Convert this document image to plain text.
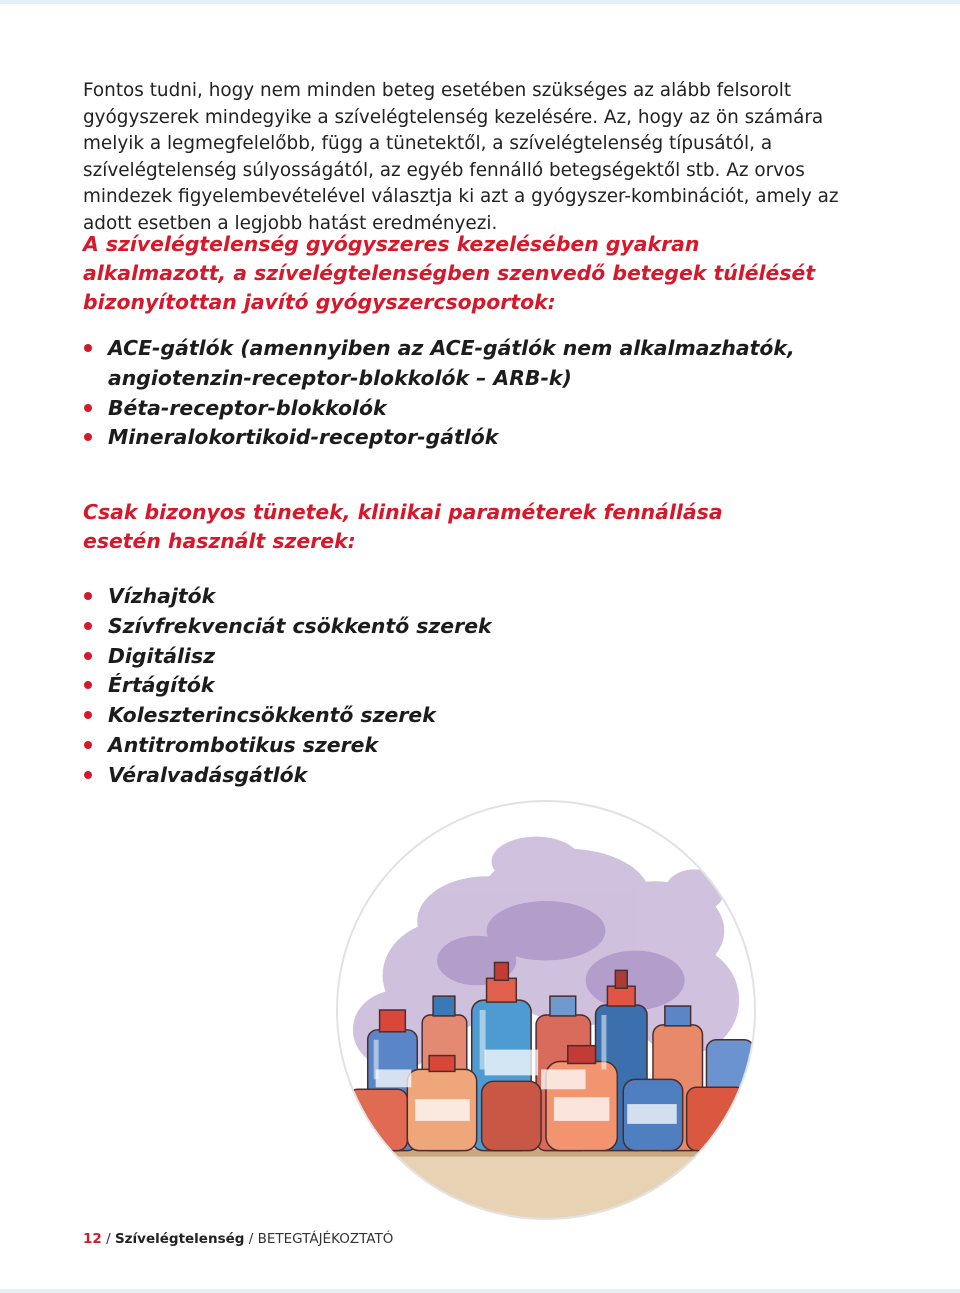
Fontos tudni, hogy nem minden beteg esetében szükséges az alább felsorolt gyógyszerek mindegyike a szívelégtelenség kezelésére. Az, hogy az ön számára melyik a legmegfelelőbb, függ a tünetektől, a szívelégtelenség típusától, a szívelégtelenség súlyosságától, az egyéb fennálló betegségektől stb. Az orvos mindezek figyelembevételével választja ki azt a gyógyszer-kombinációt, amely az adott esetben a legjobb hatást eredményezi.

A szívelégtelenség gyógyszeres kezelésében gyakran alkalmazott, a szívelégtelenségben szenvedő betegek túlélését bizonyítottan javító gyógyszercsoportok:
ACE-gátlók (amennyiben az ACE-gátlók nem alkalmazhatók, angiotenzin-receptor-blokkolók – ARB-k)
Béta-receptor-blokkolók
Mineralokortikoid-receptor-gátlók
Csak bizonyos tünetek, klinikai paraméterek fennállása esetén használt szerek:
Vízhajtók
Szívfrekvenciát csökkentő szerek
Digitálisz
Értágítók
Koleszterincsökkentő szerek
Antitrombotikus szerek
Véralvadásgátlók
12 / Szívelégtelenség / BETEGTÁJÉKOZTATÓ
